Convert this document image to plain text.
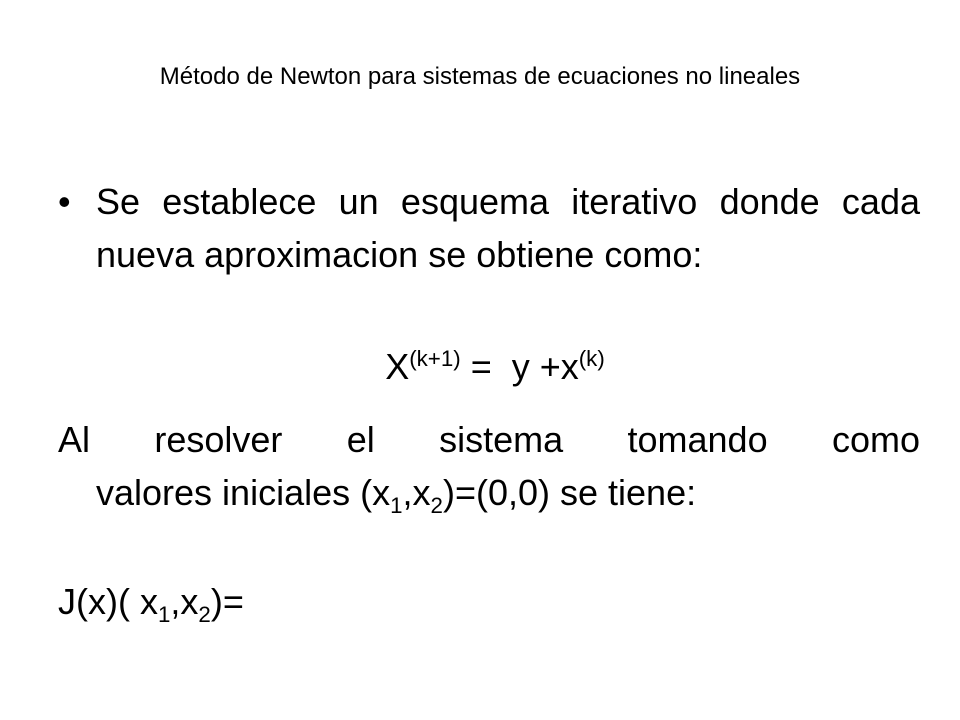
Método de Newton para sistemas de ecuaciones no lineales
• Se establece un esquema iterativo donde cada nueva aproximacion se obtiene como:
$X^{(k+1)} = y +x^{(k)}$
Al resolver el sistema tomando como
valores iniciales $(x_1,x_2)=(0,0)$ se tiene:
J(x)( $x_1,x_2)=$
